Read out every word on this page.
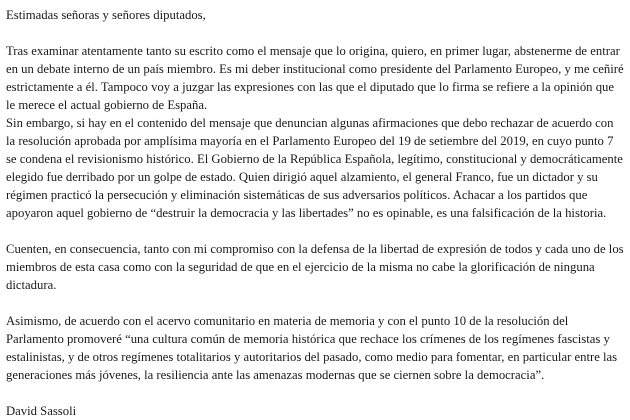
Estimadas señoras y señores diputados,

Tras examinar atentamente tanto su escrito como el mensaje que lo origina, quiero, en primer lugar, abstenerme de entrar en un debate interno de un país miembro. Es mi deber institucional como presidente del Parlamento Europeo, y me ceñiré estrictamente a él. Tampoco voy a juzgar las expresiones con las que el diputado que lo firma se refiere a la opinión que le merece el actual gobierno de España.

Sin embargo, si hay en el contenido del mensaje que denuncian algunas afirmaciones que debo rechazar de acuerdo con la resolución aprobada por amplísima mayoría en el Parlamento Europeo del 19 de setiembre del 2019, en cuyo punto 7 se condena el revisionismo histórico. El Gobierno de la República Española, legítimo, constitucional y democráticamente elegido fue derribado por un golpe de estado. Quien dirigió aquel alzamiento, el general Franco, fue un dictador y su régimen practicó la persecución y eliminación sistemáticas de sus adversarios políticos. Achacar a los partidos que apoyaron aquel gobierno de “destruir la democracia y las libertades” no es opinable, es una falsificación de la historia.

Cuenten, en consecuencia, tanto con mi compromiso con la defensa de la libertad de expresión de todos y cada uno de los miembros de esta casa como con la seguridad de que en el ejercicio de la misma no cabe la glorificación de ninguna dictadura.

Asimismo, de acuerdo con el acervo comunitario en materia de memoria y con el punto 10 de la resolución del Parlamento promoveré “una cultura común de memoria histórica que rechace los crímenes de los regímenes fascistas y estalinistas, y de otros regímenes totalitarios y autoritarios del pasado, como medio para fomentar, en particular entre las generaciones más jóvenes, la resiliencia ante las amenazas modernas que se ciernen sobre la democracia”.

David Sassoli
